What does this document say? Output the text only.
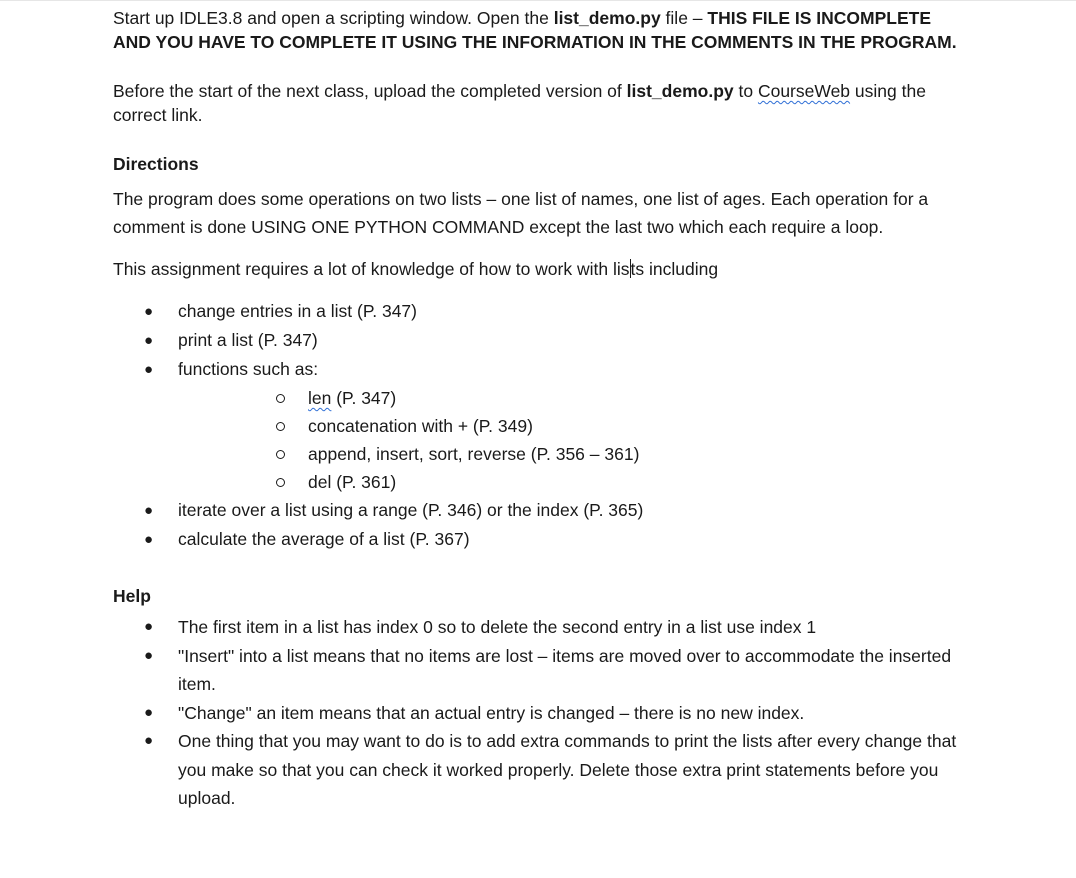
Start up IDLE3.8 and open a scripting window. Open the list_demo.py file – THIS FILE IS INCOMPLETE AND YOU HAVE TO COMPLETE IT USING THE INFORMATION IN THE COMMENTS IN THE PROGRAM.

Before the start of the next class, upload the completed version of list_demo.py to CourseWeb using the correct link.

Directions

The program does some operations on two lists – one list of names, one list of ages. Each operation for a comment is done USING ONE PYTHON COMMAND except the last two which each require a loop.

This assignment requires a lot of knowledge of how to work with lists including

● change entries in a list (P. 347)
● print a list (P. 347)
● functions such as:
len (P. 347)
concatenation with + (P. 349)
append, insert, sort, reverse (P. 356 – 361)
del (P. 361)
● iterate over a list using a range (P. 346) or the index (P. 365)
● calculate the average of a list (P. 367)

Help

● The first item in a list has index 0 so to delete the second entry in a list use index 1
● "Insert" into a list means that no items are lost – items are moved over to accommodate the inserted item.
● "Change" an item means that an actual entry is changed – there is no new index.
● One thing that you may want to do is to add extra commands to print the lists after every change that you make so that you can check it worked properly. Delete those extra print statements before you upload.
